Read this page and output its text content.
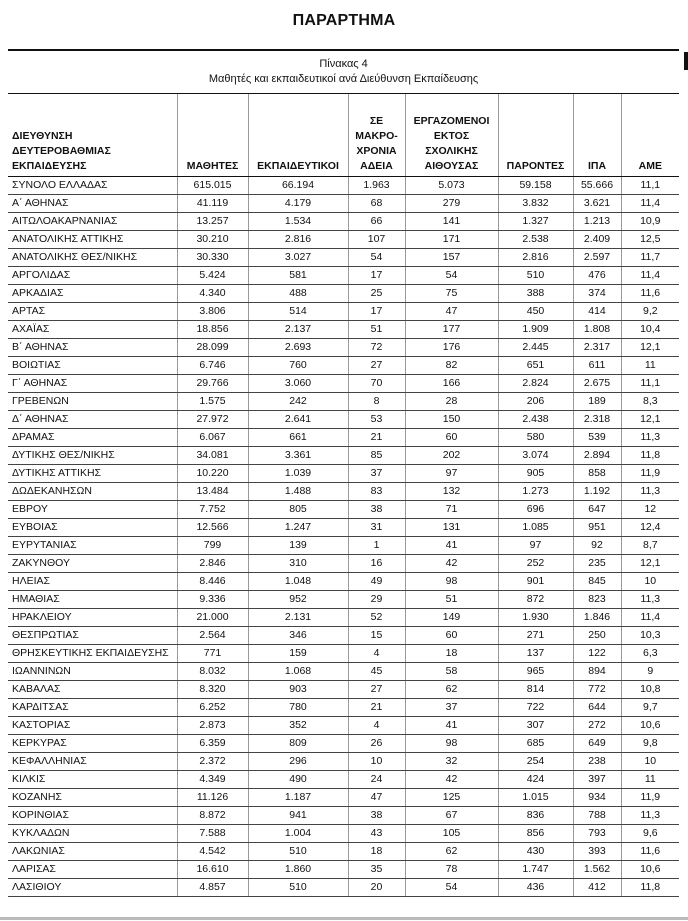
ΠΑΡΑΡΤΗΜΑ
Πίνακας 4
Μαθητές και εκπαιδευτικοί ανά Διεύθυνση Εκπαίδευσης							

ΔΙΕΥΘΥΝΣΗ ΔΕΥΤΕΡΟΒΑΘΜΙΑΣ ΕΚΠΑΙΔΕΥΣΗΣ	ΜΑΘΗΤΕΣ	ΕΚΠΑΙΔΕΥΤΙΚΟΙ	ΣΕ ΜΑΚΡΟ-ΧΡΟΝΙΑ ΑΔΕΙΑ	ΕΡΓΑΖΟΜΕΝΟΙ ΕΚΤΟΣ ΣΧΟΛΙΚΗΣ ΑΙΘΟΥΣΑΣ	ΠΑΡΟΝΤΕΣ	ΙΠΑ	ΑΜΕ
ΣΥΝΟΛΟ ΕΛΛΑΔΑΣ	615.015	66.194	1.963	5.073	59.158	55.666	11,1
Α΄ ΑΘΗΝΑΣ	41.119	4.179	68	279	3.832	3.621	11,4
ΑΙΤΩΛΟΑΚΑΡΝΑΝΙΑΣ	13.257	1.534	66	141	1.327	1.213	10,9
ΑΝΑΤΟΛΙΚΗΣ ΑΤΤΙΚΗΣ	30.210	2.816	107	171	2.538	2.409	12,5
ΑΝΑΤΟΛΙΚΗΣ ΘΕΣ/ΝΙΚΗΣ	30.330	3.027	54	157	2.816	2.597	11,7
ΑΡΓΟΛΙΔΑΣ	5.424	581	17	54	510	476	11,4
ΑΡΚΑΔΙΑΣ	4.340	488	25	75	388	374	11,6
ΑΡΤΑΣ	3.806	514	17	47	450	414	9,2
ΑΧΑΪΑΣ	18.856	2.137	51	177	1.909	1.808	10,4
Β΄ ΑΘΗΝΑΣ	28.099	2.693	72	176	2.445	2.317	12,1
ΒΟΙΩΤΙΑΣ	6.746	760	27	82	651	611	11
Γ΄ ΑΘΗΝΑΣ	29.766	3.060	70	166	2.824	2.675	11,1
ΓΡΕΒΕΝΩΝ	1.575	242	8	28	206	189	8,3
Δ΄ ΑΘΗΝΑΣ	27.972	2.641	53	150	2.438	2.318	12,1
ΔΡΑΜΑΣ	6.067	661	21	60	580	539	11,3
ΔΥΤΙΚΗΣ ΘΕΣ/ΝΙΚΗΣ	34.081	3.361	85	202	3.074	2.894	11,8
ΔΥΤΙΚΗΣ ΑΤΤΙΚΗΣ	10.220	1.039	37	97	905	858	11,9
ΔΩΔΕΚΑΝΗΣΩΝ	13.484	1.488	83	132	1.273	1.192	11,3
ΕΒΡΟΥ	7.752	805	38	71	696	647	12
ΕΥΒΟΙΑΣ	12.566	1.247	31	131	1.085	951	12,4
ΕΥΡΥΤΑΝΙΑΣ	799	139	1	41	97	92	8,7
ΖΑΚΥΝΘΟΥ	2.846	310	16	42	252	235	12,1
ΗΛΕΙΑΣ	8.446	1.048	49	98	901	845	10
ΗΜΑΘΙΑΣ	9.336	952	29	51	872	823	11,3
ΗΡΑΚΛΕΙΟΥ	21.000	2.131	52	149	1.930	1.846	11,4
ΘΕΣΠΡΩΤΙΑΣ	2.564	346	15	60	271	250	10,3
ΘΡΗΣΚΕΥΤΙΚΗΣ ΕΚΠΑΙΔΕΥΣΗΣ	771	159	4	18	137	122	6,3
ΙΩΑΝΝΙΝΩΝ	8.032	1.068	45	58	965	894	9
ΚΑΒΑΛΑΣ	8.320	903	27	62	814	772	10,8
ΚΑΡΔΙΤΣΑΣ	6.252	780	21	37	722	644	9,7
ΚΑΣΤΟΡΙΑΣ	2.873	352	4	41	307	272	10,6
ΚΕΡΚΥΡΑΣ	6.359	809	26	98	685	649	9,8
ΚΕΦΑΛΛΗΝΙΑΣ	2.372	296	10	32	254	238	10
ΚΙΛΚΙΣ	4.349	490	24	42	424	397	11
ΚΟΖΑΝΗΣ	11.126	1.187	47	125	1.015	934	11,9
ΚΟΡΙΝΘΙΑΣ	8.872	941	38	67	836	788	11,3
ΚΥΚΛΑΔΩΝ	7.588	1.004	43	105	856	793	9,6
ΛΑΚΩΝΙΑΣ	4.542	510	18	62	430	393	11,6
ΛΑΡΙΣΑΣ	16.610	1.860	35	78	1.747	1.562	10,6
ΛΑΣΙΘΙΟΥ	4.857	510	20	54	436	412	11,8
